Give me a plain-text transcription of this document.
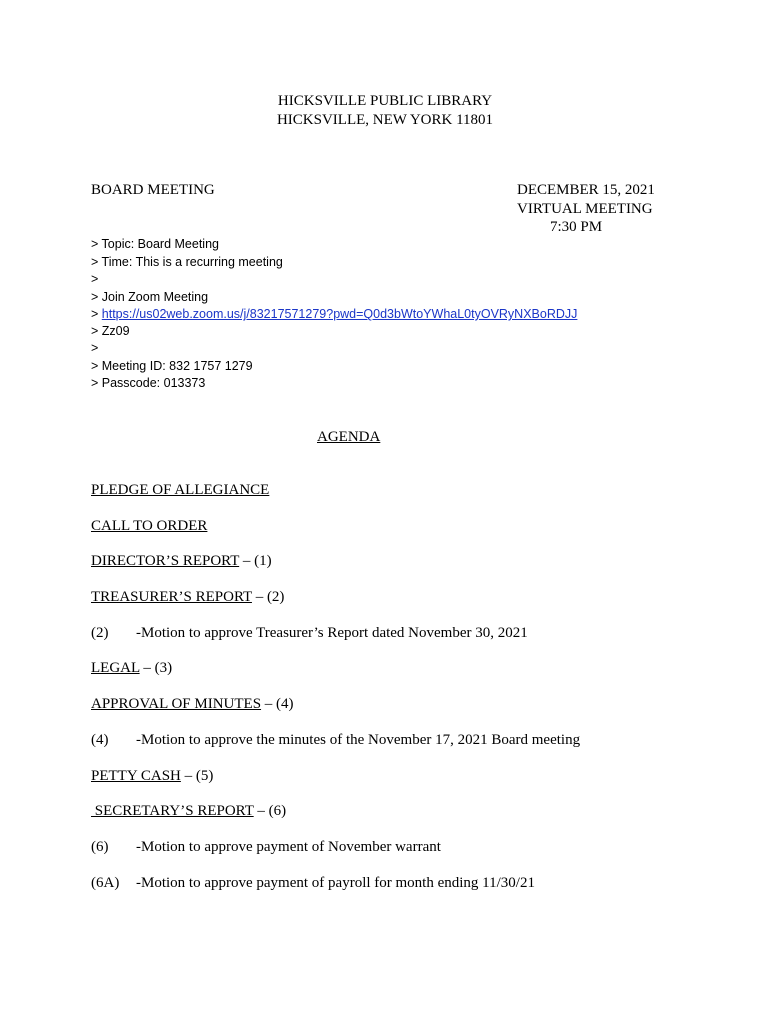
HICKSVILLE PUBLIC LIBRARY
HICKSVILLE, NEW YORK 11801
BOARD MEETING	DECEMBER 15, 2021
VIRTUAL MEETING
7:30 PM
> Topic: Board Meeting
> Time: This is a recurring meeting
>
> Join Zoom Meeting
> https://us02web.zoom.us/j/83217571279?pwd=Q0d3bWtoYWhaL0tyOVRyNXBoRDJJ
> Zz09
>
> Meeting ID: 832 1757 1279
> Passcode: 013373
AGENDA
PLEDGE OF ALLEGIANCE
CALL TO ORDER
DIRECTOR’S REPORT – (1)
TREASURER’S REPORT – (2)
(2) -Motion to approve Treasurer’s Report dated November 30, 2021
LEGAL – (3)
APPROVAL OF MINUTES – (4)
(4) -Motion to approve the minutes of the November 17, 2021 Board meeting
PETTY CASH – (5)
SECRETARY’S REPORT – (6)
(6) -Motion to approve payment of November warrant
(6A) -Motion to approve payment of payroll for month ending 11/30/21
